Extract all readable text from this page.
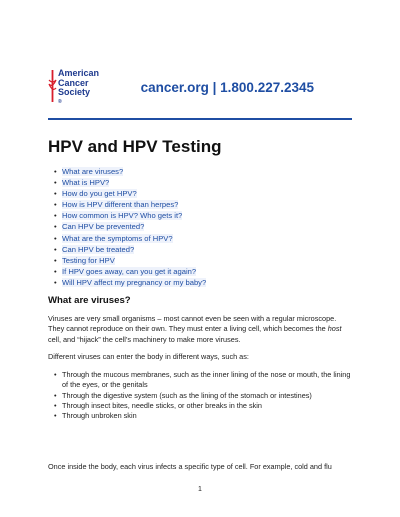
American
Cancer
Society
®
cancer.org | 1.800.227.2345
HPV and HPV Testing
• What are viruses?
• What is HPV?
• How do you get HPV?
• How is HPV different than herpes?
• How common is HPV? Who gets it?
• Can HPV be prevented?
• What are the symptoms of HPV?
• Can HPV be treated?
• Testing for HPV
• If HPV goes away, can you get it again?
• Will HPV affect my pregnancy or my baby?
What are viruses?

Viruses are very small organisms – most cannot even be seen with a regular microscope. They cannot reproduce on their own. They must enter a living cell, which becomes the host cell, and “hijack” the cell’s machinery to make more viruses.

Different viruses can enter the body in different ways, such as:

• Through the mucous membranes, such as the inner lining of the nose or mouth, the lining of the eyes, or the genitals
• Through the digestive system (such as the lining of the stomach or intestines)
• Through insect bites, needle sticks, or other breaks in the skin
• Through unbroken skin

Once inside the body, each virus infects a specific type of cell. For example, cold and flu

1
